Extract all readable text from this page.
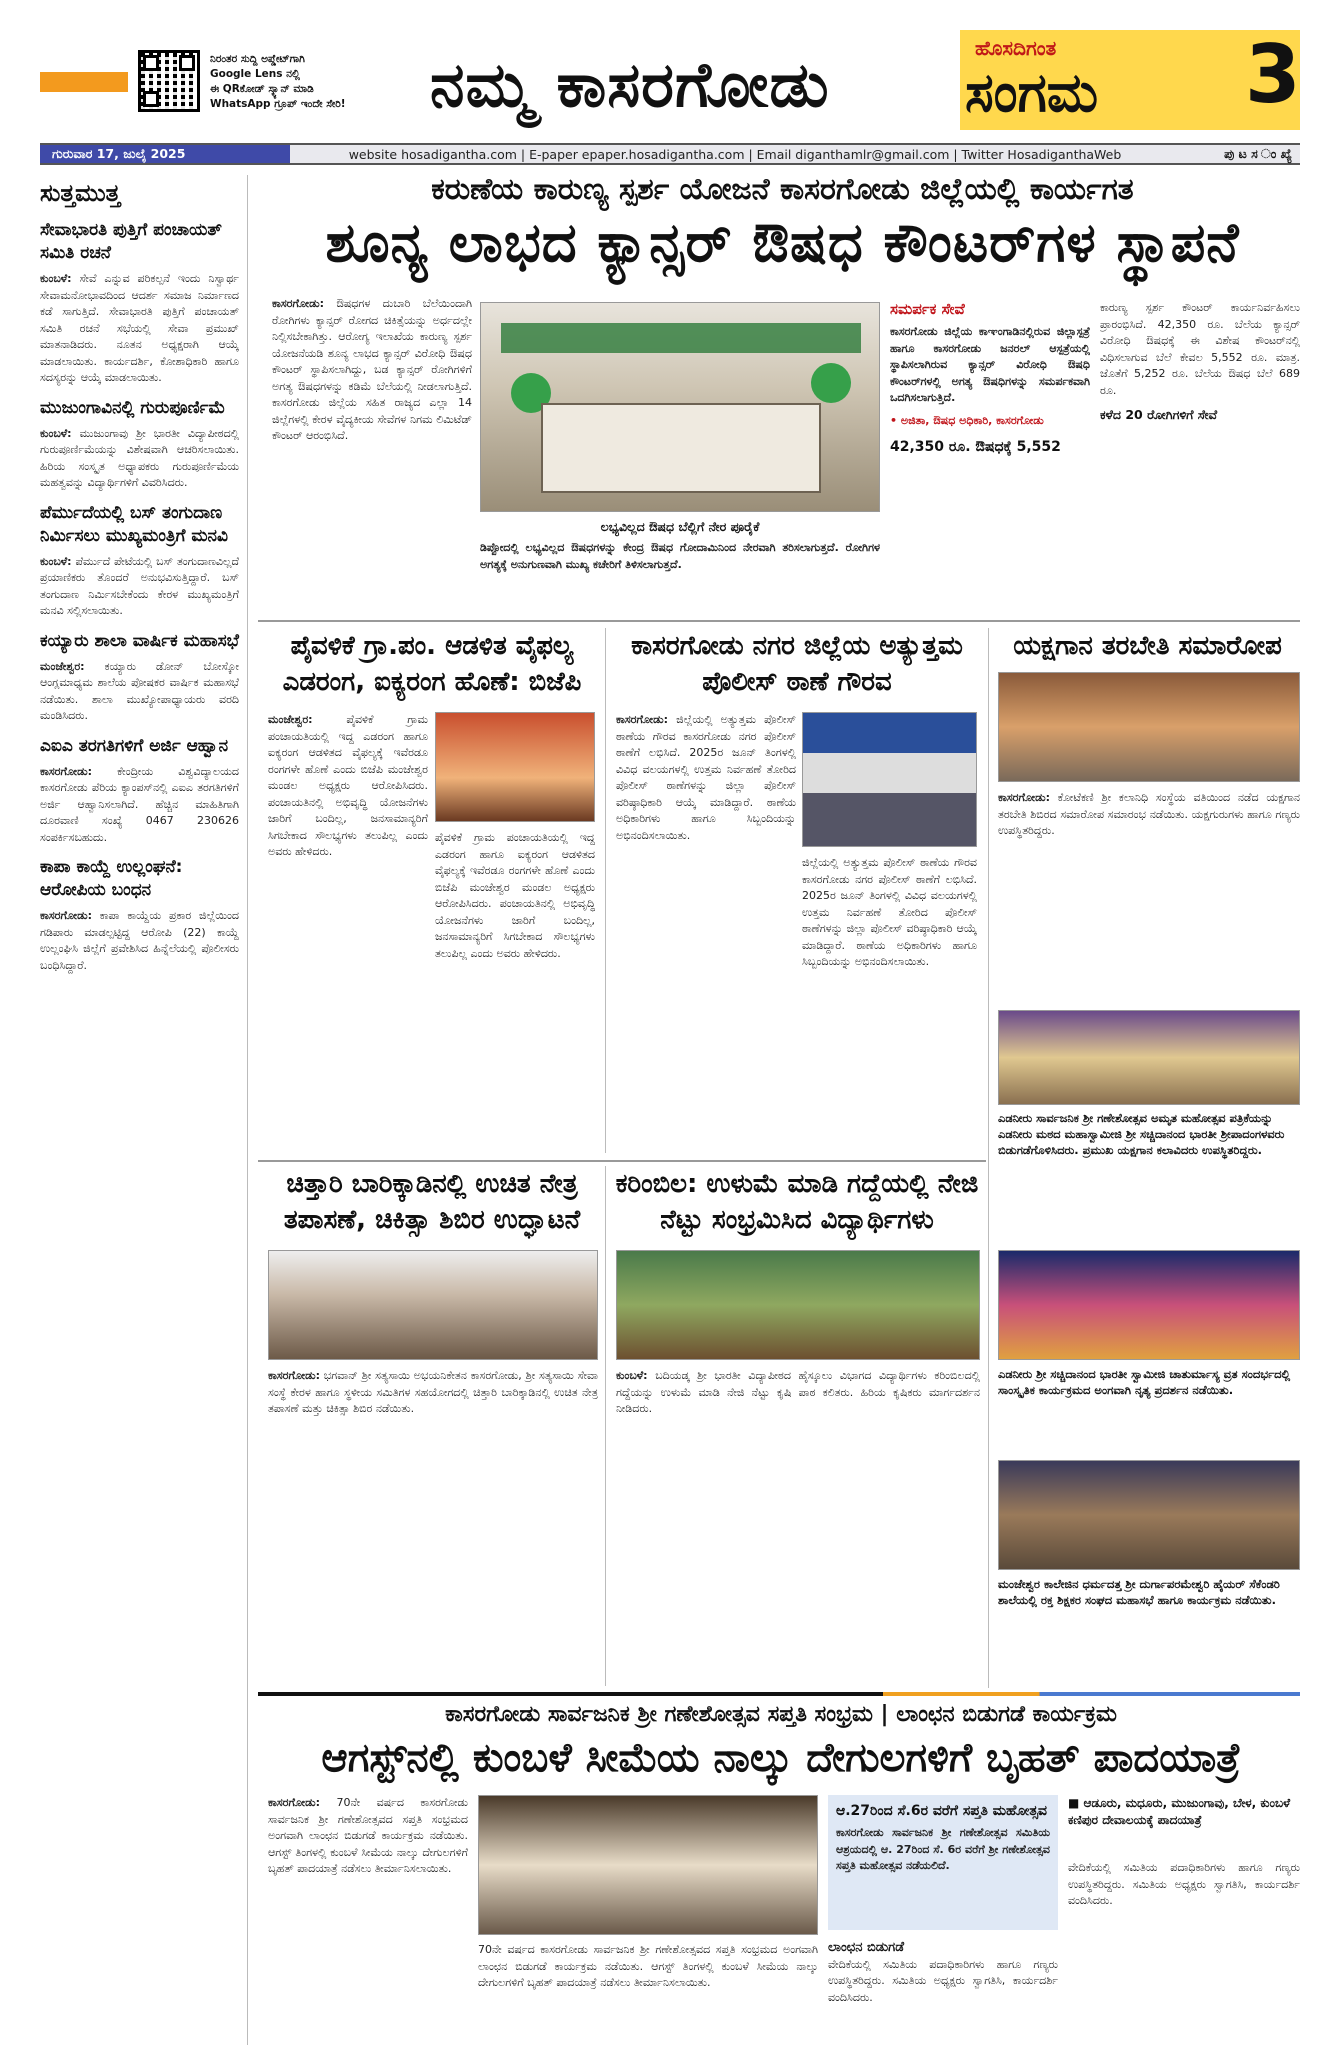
ನಿರಂತರ ಸುದ್ದಿ ಅಪ್ಡೇಟ್‌ಗಾಗಿ
Google Lens ನಲ್ಲಿ
ಈ QRಕೋಡ್ ಸ್ಕ್ಯಾನ್ ಮಾಡಿ
WhatsApp ಗ್ರೂಪ್ ಇಂದೇ ಸೇರಿ!	ನಮ್ಮ ಕಾಸರಗೋಡು	ಹೊಸದಿಗಂತ
ಸಂಗಮ 3
ಗುರುವಾರ 17, ಜುಲೈ 2025	website hosadigantha.com | E-paper epaper.hosadigantha.com | Email diganthamlr@gmail.com | Twitter HosadiganthaWeb	ಪು ಟ ಸ ಂ ಖ್ಯೆ
ಸುತ್ತಮುತ್ತ
ಸೇವಾಭಾರತಿ ಪುತ್ತಿಗೆ ಪಂಚಾಯತ್ ಸಮಿತಿ ರಚನೆ
ಕುಂಬಳೆ: ಸೇವೆ ಎನ್ನುವ ಪರಿಕಲ್ಪನೆ ಇಂದು ನಿಸ್ವಾರ್ಥ ಸೇವಾಮನೋಭಾವದಿಂದ ಆದರ್ಶ ಸಮಾಜ ನಿರ್ಮಾಣದ ಕಡೆ ಸಾಗುತ್ತಿದೆ. ಸೇವಾಭಾರತಿ ಪುತ್ತಿಗೆ ಪಂಚಾಯತ್ ಸಮಿತಿ ರಚನೆ ಸಭೆಯಲ್ಲಿ ಸೇವಾ ಪ್ರಮುಖ್ ಮಾತನಾಡಿದರು. ನೂತನ ಅಧ್ಯಕ್ಷರಾಗಿ ಆಯ್ಕೆ ಮಾಡಲಾಯಿತು. ಕಾರ್ಯದರ್ಶಿ, ಕೋಶಾಧಿಕಾರಿ ಹಾಗೂ ಸದಸ್ಯರನ್ನು ಆಯ್ಕೆ ಮಾಡಲಾಯಿತು.
ಮುಜುಂಗಾವಿನಲ್ಲಿ ಗುರುಪೂರ್ಣಿಮೆ
ಕುಂಬಳೆ: ಮುಜುಂಗಾವು ಶ್ರೀ ಭಾರತೀ ವಿದ್ಯಾಪೀಠದಲ್ಲಿ ಗುರುಪೂರ್ಣಿಮೆಯನ್ನು ವಿಶೇಷವಾಗಿ ಆಚರಿಸಲಾಯಿತು. ಹಿರಿಯ ಸಂಸ್ಕೃತ ಅಧ್ಯಾಪಕರು ಗುರುಪೂರ್ಣಿಮೆಯ ಮಹತ್ವವನ್ನು ವಿದ್ಯಾರ್ಥಿಗಳಿಗೆ ವಿವರಿಸಿದರು.
ಪೆರ್ಮುದೆಯಲ್ಲಿ ಬಸ್ ತಂಗುದಾಣ ನಿರ್ಮಿಸಲು ಮುಖ್ಯಮಂತ್ರಿಗೆ ಮನವಿ
ಕುಂಬಳೆ: ಪೆರ್ಮುದೆ ಪೇಟೆಯಲ್ಲಿ ಬಸ್ ತಂಗುದಾಣವಿಲ್ಲದೆ ಪ್ರಯಾಣಿಕರು ತೊಂದರೆ ಅನುಭವಿಸುತ್ತಿದ್ದಾರೆ. ಬಸ್ ತಂಗುದಾಣ ನಿರ್ಮಿಸಬೇಕೆಂದು ಕೇರಳ ಮುಖ್ಯಮಂತ್ರಿಗೆ ಮನವಿ ಸಲ್ಲಿಸಲಾಯಿತು.
ಕಯ್ಯಾರು ಶಾಲಾ ವಾರ್ಷಿಕ ಮಹಾಸಭೆ
ಮಂಜೇಶ್ವರ: ಕಯ್ಯಾರು ಡೋನ್ ಬೋಸ್ಕೋ ಆಂಗ್ಲಮಾಧ್ಯಮ ಶಾಲೆಯ ಪೋಷಕರ ವಾರ್ಷಿಕ ಮಹಾಸಭೆ ನಡೆಯಿತು. ಶಾಲಾ ಮುಖ್ಯೋಪಾಧ್ಯಾಯರು ವರದಿ ಮಂಡಿಸಿದರು.
ಎಐಎ ತರಗತಿಗಳಿಗೆ ಅರ್ಜಿ ಆಹ್ವಾನ
ಕಾಸರಗೋಡು: ಕೇಂದ್ರೀಯ ವಿಶ್ವವಿದ್ಯಾಲಯದ ಕಾಸರಗೋಡು ಪೆರಿಯ ಕ್ಯಾಂಪಸ್‌ನಲ್ಲಿ ಎಐಎ ತರಗತಿಗಳಿಗೆ ಅರ್ಜಿ ಆಹ್ವಾನಿಸಲಾಗಿದೆ. ಹೆಚ್ಚಿನ ಮಾಹಿತಿಗಾಗಿ ದೂರವಾಣಿ ಸಂಖ್ಯೆ 0467 230626 ಸಂಪರ್ಕಿಸಬಹುದು.
ಕಾಪಾ ಕಾಯ್ದೆ ಉಲ್ಲಂಘನೆ: ಆರೋಪಿಯ ಬಂಧನ
ಕಾಸರಗೋಡು: ಕಾಪಾ ಕಾಯ್ದೆಯ ಪ್ರಕಾರ ಜಿಲ್ಲೆಯಿಂದ ಗಡಿಪಾರು ಮಾಡಲ್ಪಟ್ಟಿದ್ದ ಆರೋಪಿ (22) ಕಾಯ್ದೆ ಉಲ್ಲಂಘಿಸಿ ಜಿಲ್ಲೆಗೆ ಪ್ರವೇಶಿಸಿದ ಹಿನ್ನೆಲೆಯಲ್ಲಿ ಪೊಲೀಸರು ಬಂಧಿಸಿದ್ದಾರೆ.
ಕರುಣೆಯ ಕಾರುಣ್ಯ ಸ್ಪರ್ಶ ಯೋಜನೆ ಕಾಸರಗೋಡು ಜಿಲ್ಲೆಯಲ್ಲಿ ಕಾರ್ಯಗತ
ಶೂನ್ಯ ಲಾಭದ ಕ್ಯಾನ್ಸರ್ ಔಷಧ ಕೌಂಟರ್‌ಗಳ ಸ್ಥಾಪನೆ
ಕಾಸರಗೋಡು: ಔಷಧಗಳ ದುಬಾರಿ ಬೆಲೆಯಿಂದಾಗಿ ರೋಗಿಗಳು ಕ್ಯಾನ್ಸರ್ ರೋಗದ ಚಿಕಿತ್ಸೆಯನ್ನು ಅರ್ಧದಲ್ಲೇ ನಿಲ್ಲಿಸಬೇಕಾಗಿತ್ತು. ಆರೋಗ್ಯ ಇಲಾಖೆಯ ಕಾರುಣ್ಯ ಸ್ಪರ್ಶ ಯೋಜನೆಯಡಿ ಶೂನ್ಯ ಲಾಭದ ಕ್ಯಾನ್ಸರ್ ವಿರೋಧಿ ಔಷಧ ಕೌಂಟರ್ ಸ್ಥಾಪಿಸಲಾಗಿದ್ದು, ಬಡ ಕ್ಯಾನ್ಸರ್ ರೋಗಿಗಳಿಗೆ ಅಗತ್ಯ ಔಷಧಗಳನ್ನು ಕಡಿಮೆ ಬೆಲೆಯಲ್ಲಿ ನೀಡಲಾಗುತ್ತಿದೆ. ಕಾಸರಗೋಡು ಜಿಲ್ಲೆಯ ಸಹಿತ ರಾಜ್ಯದ ಎಲ್ಲಾ 14 ಜಿಲ್ಲೆಗಳಲ್ಲಿ ಕೇರಳ ವೈದ್ಯಕೀಯ ಸೇವೆಗಳ ನಿಗಮ ಲಿಮಿಟೆಡ್ ಕೌಂಟರ್ ಆರಂಭಿಸಿದೆ.
ಲಭ್ಯವಿಲ್ಲದ ಔಷಧ ಬೆಲ್ಲಿಗೆ ನೇರ ಪೂರೈಕೆ
ಡಿಪ್ಪೋದಲ್ಲಿ ಲಭ್ಯವಿಲ್ಲದ ಔಷಧಗಳನ್ನು ಕೇಂದ್ರ ಔಷಧ ಗೋದಾಮಿನಿಂದ ನೇರವಾಗಿ ತರಿಸಲಾಗುತ್ತದೆ. ರೋಗಿಗಳ ಅಗತ್ಯಕ್ಕೆ ಅನುಗುಣವಾಗಿ ಮುಖ್ಯ ಕಚೇರಿಗೆ ತಿಳಿಸಲಾಗುತ್ತದೆ.
ಸಮರ್ಪಕ ಸೇವೆ
ಕಾಸರಗೋಡು ಜಿಲ್ಲೆಯ ಕಾಞಂಗಾಡಿನಲ್ಲಿರುವ ಜಿಲ್ಲಾಸ್ಪತ್ರೆ ಹಾಗೂ ಕಾಸರಗೋಡು ಜನರಲ್ ಆಸ್ಪತ್ರೆಯಲ್ಲಿ ಸ್ಥಾಪಿಸಲಾಗಿರುವ ಕ್ಯಾನ್ಸರ್ ವಿರೋಧಿ ಔಷಧಿ ಕೌಂಟರ್‌ಗಳಲ್ಲಿ ಅಗತ್ಯ ಔಷಧಿಗಳನ್ನು ಸಮರ್ಪಕವಾಗಿ ಒದಗಿಸಲಾಗುತ್ತಿದೆ.
• ಅಜಿತಾ, ಔಷಧ ಅಧಿಕಾರಿ, ಕಾಸರಗೋಡು
42,350 ರೂ. ಔಷಧಕ್ಕೆ 5,552
ಕಾರುಣ್ಯ ಸ್ಪರ್ಶ ಕೌಂಟರ್ ಕಾರ್ಯನಿರ್ವಹಿಸಲು ಪ್ರಾರಂಭಿಸಿದೆ. 42,350 ರೂ. ಬೆಲೆಯ ಕ್ಯಾನ್ಸರ್ ವಿರೋಧಿ ಔಷಧಕ್ಕೆ ಈ ವಿಶೇಷ ಕೌಂಟರ್‌ನಲ್ಲಿ ವಿಧಿಸಲಾಗುವ ಬೆಲೆ ಕೇವಲ 5,552 ರೂ. ಮಾತ್ರ. ಜೊತೆಗೆ 5,252 ರೂ. ಬೆಲೆಯ ಔಷಧ ಬೆಲೆ 689 ರೂ.
ಕಳೆದ 20 ರೋಗಿಗಳಿಗೆ ಸೇವೆ
ಪೈವಳಿಕೆ ಗ್ರಾ.ಪಂ. ಆಡಳಿತ ವೈಫಲ್ಯ ಎಡರಂಗ, ಐಕ್ಯರಂಗ ಹೊಣೆ: ಬಿಜೆಪಿ
ಮಂಜೇಶ್ವರ:	ಪೈವಳಿಕೆ ಗ್ರಾಮ ಪಂಚಾಯತಿಯಲ್ಲಿ ಇದ್ದ ಎಡರಂಗ ಹಾಗೂ ಐಕ್ಯರಂಗ ಆಡಳಿತದ ವೈಫಲ್ಯಕ್ಕೆ ಇವೆರಡೂ ರಂಗಗಳೇ ಹೊಣೆ ಎಂದು ಬಿಜೆಪಿ ಮಂಜೇಶ್ವರ ಮಂಡಲ ಅಧ್ಯಕ್ಷರು ಆರೋಪಿಸಿದರು. ಪಂಚಾಯತಿನಲ್ಲಿ ಅಭಿವೃದ್ಧಿ ಯೋಜನೆಗಳು ಜಾರಿಗೆ ಬಂದಿಲ್ಲ, ಜನಸಾಮಾನ್ಯರಿಗೆ ಸಿಗಬೇಕಾದ ಸೌಲಭ್ಯಗಳು ತಲುಪಿಲ್ಲ ಎಂದು ಅವರು ಹೇಳಿದರು.
ಪೈವಳಿಕೆ ಗ್ರಾಮ ಪಂಚಾಯತಿಯಲ್ಲಿ ಇದ್ದ ಎಡರಂಗ ಹಾಗೂ ಐಕ್ಯರಂಗ ಆಡಳಿತದ ವೈಫಲ್ಯಕ್ಕೆ ಇವೆರಡೂ ರಂಗಗಳೇ ಹೊಣೆ ಎಂದು ಬಿಜೆಪಿ ಮಂಜೇಶ್ವರ ಮಂಡಲ ಅಧ್ಯಕ್ಷರು ಆರೋಪಿಸಿದರು. ಪಂಚಾಯತಿನಲ್ಲಿ ಅಭಿವೃದ್ಧಿ ಯೋಜನೆಗಳು ಜಾರಿಗೆ ಬಂದಿಲ್ಲ, ಜನಸಾಮಾನ್ಯರಿಗೆ ಸಿಗಬೇಕಾದ ಸೌಲಭ್ಯಗಳು ತಲುಪಿಲ್ಲ ಎಂದು ಅವರು ಹೇಳಿದರು.
ಕಾಸರಗೋಡು ನಗರ ಜಿಲ್ಲೆಯ ಅತ್ಯುತ್ತಮ ಪೊಲೀಸ್ ಠಾಣೆ ಗೌರವ
ಕಾಸರಗೋಡು: ಜಿಲ್ಲೆಯಲ್ಲಿ ಅತ್ಯುತ್ತಮ ಪೊಲೀಸ್ ಠಾಣೆಯ ಗೌರವ ಕಾಸರಗೋಡು ನಗರ ಪೊಲೀಸ್ ಠಾಣೆಗೆ ಲಭಿಸಿದೆ. 2025ರ ಜೂನ್ ತಿಂಗಳಲ್ಲಿ ವಿವಿಧ ವಲಯಗಳಲ್ಲಿ ಉತ್ತಮ ನಿರ್ವಹಣೆ ತೋರಿದ ಪೊಲೀಸ್ ಠಾಣೆಗಳನ್ನು ಜಿಲ್ಲಾ ಪೊಲೀಸ್ ವರಿಷ್ಠಾಧಿಕಾರಿ ಆಯ್ಕೆ ಮಾಡಿದ್ದಾರೆ. ಠಾಣೆಯ ಅಧಿಕಾರಿಗಳು ಹಾಗೂ ಸಿಬ್ಬಂದಿಯನ್ನು ಅಭಿನಂದಿಸಲಾಯಿತು.
ಜಿಲ್ಲೆಯಲ್ಲಿ ಅತ್ಯುತ್ತಮ ಪೊಲೀಸ್ ಠಾಣೆಯ ಗೌರವ ಕಾಸರಗೋಡು ನಗರ ಪೊಲೀಸ್ ಠಾಣೆಗೆ ಲಭಿಸಿದೆ. 2025ರ ಜೂನ್ ತಿಂಗಳಲ್ಲಿ ವಿವಿಧ ವಲಯಗಳಲ್ಲಿ ಉತ್ತಮ ನಿರ್ವಹಣೆ ತೋರಿದ ಪೊಲೀಸ್ ಠಾಣೆಗಳನ್ನು ಜಿಲ್ಲಾ ಪೊಲೀಸ್ ವರಿಷ್ಠಾಧಿಕಾರಿ ಆಯ್ಕೆ ಮಾಡಿದ್ದಾರೆ. ಠಾಣೆಯ ಅಧಿಕಾರಿಗಳು ಹಾಗೂ ಸಿಬ್ಬಂದಿಯನ್ನು ಅಭಿನಂದಿಸಲಾಯಿತು.
ಯಕ್ಷಗಾನ ತರಬೇತಿ ಸಮಾರೋಪ
ಕಾಸರಗೋಡು: ಕೋಟೆಕಣಿ ಶ್ರೀ ಕಲಾನಿಧಿ ಸಂಸ್ಥೆಯ ವತಿಯಿಂದ ನಡೆದ ಯಕ್ಷಗಾನ ತರಬೇತಿ ಶಿಬಿರದ ಸಮಾರೋಪ ಸಮಾರಂಭ ನಡೆಯಿತು. ಯಕ್ಷಗುರುಗಳು ಹಾಗೂ ಗಣ್ಯರು ಉಪಸ್ಥಿತರಿದ್ದರು.
ಎಡನೀರು ಸಾರ್ವಜನಿಕ ಶ್ರೀ ಗಣೇಶೋತ್ಸವ ಅಮೃತ ಮಹೋತ್ಸವ ಪತ್ರಿಕೆಯನ್ನು ಎಡನೀರು ಮಠದ ಮಹಾಸ್ವಾಮೀಜಿ ಶ್ರೀ ಸಚ್ಚಿದಾನಂದ ಭಾರತೀ ಶ್ರೀಪಾದಂಗಳವರು ಬಿಡುಗಡೆಗೊಳಿಸಿದರು. ಪ್ರಮುಖ ಯಕ್ಷಗಾನ ಕಲಾವಿದರು ಉಪಸ್ಥಿತರಿದ್ದರು.
ಚಿತ್ತಾರಿ ಬಾರಿಕ್ಕಾಡಿನಲ್ಲಿ ಉಚಿತ ನೇತ್ರ ತಪಾಸಣೆ, ಚಿಕಿತ್ಸಾ ಶಿಬಿರ ಉದ್ಘಾಟನೆ
ಕಾಸರಗೋಡು: ಭಗವಾನ್ ಶ್ರೀ ಸತ್ಯಸಾಯಿ ಅಭಯನಿಕೇತನ ಕಾಸರಗೋಡು, ಶ್ರೀ ಸತ್ಯಸಾಯಿ ಸೇವಾ ಸಂಸ್ಥೆ ಕೇರಳ ಹಾಗೂ ಸ್ಥಳೀಯ ಸಮಿತಿಗಳ ಸಹಯೋಗದಲ್ಲಿ ಚಿತ್ತಾರಿ ಬಾರಿಕ್ಕಾಡಿನಲ್ಲಿ ಉಚಿತ ನೇತ್ರ ತಪಾಸಣೆ ಮತ್ತು ಚಿಕಿತ್ಸಾ ಶಿಬಿರ ನಡೆಯಿತು.
ಕರಿಂಬಿಲ: ಉಳುಮೆ ಮಾಡಿ ಗದ್ದೆಯಲ್ಲಿ ನೇಜಿ ನೆಟ್ಟು ಸಂಭ್ರಮಿಸಿದ ವಿದ್ಯಾರ್ಥಿಗಳು
ಕುಂಬಳೆ: ಬದಿಯಡ್ಕ ಶ್ರೀ ಭಾರತೀ ವಿದ್ಯಾಪೀಠದ ಹೈಸ್ಕೂಲು ವಿಭಾಗದ ವಿದ್ಯಾರ್ಥಿಗಳು ಕರಿಂಬಿಲದಲ್ಲಿ ಗದ್ದೆಯನ್ನು ಉಳುಮೆ ಮಾಡಿ ನೇಜಿ ನೆಟ್ಟು ಕೃಷಿ ಪಾಠ ಕಲಿತರು. ಹಿರಿಯ ಕೃಷಿಕರು ಮಾರ್ಗದರ್ಶನ ನೀಡಿದರು.
ಎಡನೀರು ಶ್ರೀ ಸಚ್ಚಿದಾನಂದ ಭಾರತೀ ಸ್ವಾಮೀಜಿ ಚಾತುರ್ಮಾಸ್ಯ ವ್ರತ ಸಂದರ್ಭದಲ್ಲಿ ಸಾಂಸ್ಕೃತಿಕ ಕಾರ್ಯಕ್ರಮದ ಅಂಗವಾಗಿ ನೃತ್ಯ ಪ್ರದರ್ಶನ ನಡೆಯಿತು.
ಮಂಜೇಶ್ವರ ಕಾಲೇಜಿನ ಧರ್ಮದತ್ತ ಶ್ರೀ ದುರ್ಗಾಪರಮೇಶ್ವರಿ ಹೈಯರ್ ಸೆಕೆಂಡರಿ ಶಾಲೆಯಲ್ಲಿ ರಕ್ತ ಶಿಕ್ಷಕರ ಸಂಘದ ಮಹಾಸಭೆ ಹಾಗೂ ಕಾರ್ಯಕ್ರಮ ನಡೆಯಿತು.
ಕಾಸರಗೋಡು ಸಾರ್ವಜನಿಕ ಶ್ರೀ ಗಣೇಶೋತ್ಸವ ಸಪ್ತತಿ ಸಂಭ್ರಮ | ಲಾಂಛನ ಬಿಡುಗಡೆ ಕಾರ್ಯಕ್ರಮ
ಆಗಸ್ಟ್‌ನಲ್ಲಿ ಕುಂಬಳೆ ಸೀಮೆಯ ನಾಲ್ಕು ದೇಗುಲಗಳಿಗೆ ಬೃಹತ್ ಪಾದಯಾತ್ರೆ
ಕಾಸರಗೋಡು: 70ನೇ ವರ್ಷದ ಕಾಸರಗೋಡು ಸಾರ್ವಜನಿಕ ಶ್ರೀ ಗಣೇಶೋತ್ಸವದ ಸಪ್ತತಿ ಸಂಭ್ರಮದ ಅಂಗವಾಗಿ ಲಾಂಛನ ಬಿಡುಗಡೆ ಕಾರ್ಯಕ್ರಮ ನಡೆಯಿತು. ಆಗಸ್ಟ್ ತಿಂಗಳಲ್ಲಿ ಕುಂಬಳೆ ಸೀಮೆಯ ನಾಲ್ಕು ದೇಗುಲಗಳಿಗೆ ಬೃಹತ್ ಪಾದಯಾತ್ರೆ ನಡೆಸಲು ತೀರ್ಮಾನಿಸಲಾಯಿತು.
70ನೇ ವರ್ಷದ ಕಾಸರಗೋಡು ಸಾರ್ವಜನಿಕ ಶ್ರೀ ಗಣೇಶೋತ್ಸವದ ಸಪ್ತತಿ ಸಂಭ್ರಮದ ಅಂಗವಾಗಿ ಲಾಂಛನ ಬಿಡುಗಡೆ ಕಾರ್ಯಕ್ರಮ ನಡೆಯಿತು. ಆಗಸ್ಟ್ ತಿಂಗಳಲ್ಲಿ ಕುಂಬಳೆ ಸೀಮೆಯ ನಾಲ್ಕು ದೇಗುಲಗಳಿಗೆ ಬೃಹತ್ ಪಾದಯಾತ್ರೆ ನಡೆಸಲು ತೀರ್ಮಾನಿಸಲಾಯಿತು.
ಆ.27ರಿಂದ ಸೆ.6ರ ವರೆಗೆ ಸಪ್ತತಿ ಮಹೋತ್ಸವ
ಕಾಸರಗೋಡು ಸಾರ್ವಜನಿಕ ಶ್ರೀ ಗಣೇಶೋತ್ಸವ ಸಮಿತಿಯ ಆಶ್ರಯದಲ್ಲಿ ಆ. 27ರಿಂದ ಸೆ. 6ರ ವರೆಗೆ ಶ್ರೀ ಗಣೇಶೋತ್ಸವ ಸಪ್ತತಿ ಮಹೋತ್ಸವ ನಡೆಯಲಿದೆ.
ಲಾಂಛನ ಬಿಡುಗಡೆ
ವೇದಿಕೆಯಲ್ಲಿ ಸಮಿತಿಯ ಪದಾಧಿಕಾರಿಗಳು ಹಾಗೂ ಗಣ್ಯರು ಉಪಸ್ಥಿತರಿದ್ದರು. ಸಮಿತಿಯ ಅಧ್ಯಕ್ಷರು ಸ್ವಾಗತಿಸಿ, ಕಾರ್ಯದರ್ಶಿ ವಂದಿಸಿದರು.
■ ಆಡೂರು, ಮಧೂರು, ಮುಜುಂಗಾವು, ಬೇಳ, ಕುಂಬಳೆ ಕಣಿಪುರ ದೇವಾಲಯಕ್ಕೆ ಪಾದಯಾತ್ರೆ
ವೇದಿಕೆಯಲ್ಲಿ ಸಮಿತಿಯ ಪದಾಧಿಕಾರಿಗಳು ಹಾಗೂ ಗಣ್ಯರು ಉಪಸ್ಥಿತರಿದ್ದರು. ಸಮಿತಿಯ ಅಧ್ಯಕ್ಷರು ಸ್ವಾಗತಿಸಿ, ಕಾರ್ಯದರ್ಶಿ ವಂದಿಸಿದರು.
